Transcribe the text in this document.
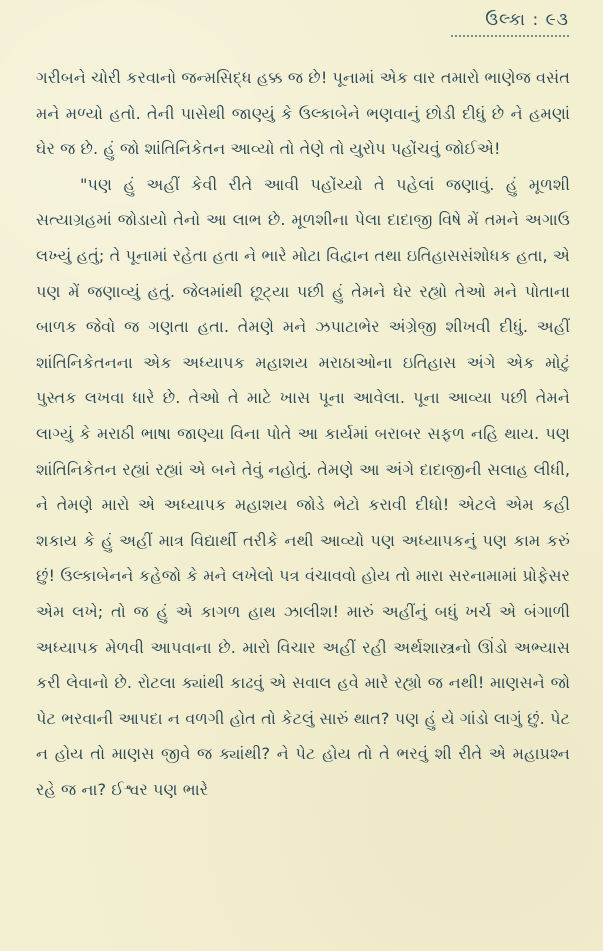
ઉલ્કા : ૯૩

ગરીબને ચોરી કરવાનો જન્મસિદ્ધ હક્ક જ છે! પૂનામાં એક વાર તમારો ભાણેજ વસંત મને મળ્યો હતો. તેની પાસેથી જાણ્યું કે ઉલ્કાબેને ભણવાનું છોડી દીધું છે ને હમણાં ઘેર જ છે. હું જો શાંતિનિકેતન આવ્યો તો તેણે તો યુરોપ પહોંચવું જોઈએ!

"પણ હું અહીં કેવી રીતે આવી પહોંચ્યો તે પહેલાં જણાવું. હું મૂળશી સત્યાગ્રહમાં જોડાયો તેનો આ લાભ છે. મૂળશીના પેલા દાદાજી વિષે મેં તમને અગાઉ લખ્યું હતું; તે પૂનામાં રહેતા હતા ને ભારે મોટા વિદ્વાન તથા ઇતિહાસસંશોધક હતા, એ પણ મેં જણાવ્યું હતું. જેલમાંથી છૂટ્યા પછી હું તેમને ઘેર રહ્યો તેઓ મને પોતાના બાળક જેવો જ ગણતા હતા. તેમણે મને ઝપાટાભેર અંગ્રેજી શીખવી દીધું. અહીં શાંતિનિકેતનના એક અધ્યાપક મહાશય મરાઠાઓના ઇતિહાસ અંગે એક મોટું પુસ્તક લખવા ધારે છે. તેઓ તે માટે ખાસ પૂના આવેલા. પૂના આવ્યા પછી તેમને લાગ્યું કે મરાઠી ભાષા જાણ્યા વિના પોતે આ કાર્યમાં બરાબર સફળ નહિ થાય. પણ શાંતિનિકેતન રહ્યાં રહ્યાં એ બને તેવું નહોતું. તેમણે આ અંગે દાદાજીની સલાહ લીધી, ને તેમણે મારો એ અધ્યાપક મહાશય જોડે ભેટો કરાવી દીધો! એટલે એમ કહી શકાય કે હું અહીં માત્ર વિદ્યાર્થી તરીકે નથી આવ્યો પણ અધ્યાપકનું પણ કામ કરું છું! ઉલ્કાબેનને કહેજો કે મને લખેલો પત્ર વંચાવવો હોય તો મારા સરનામામાં પ્રોફેસર એમ લખે; તો જ હું એ કાગળ હાથ ઝાલીશ! મારું અહીંનું બધું ખર્ચ એ બંગાળી અધ્યાપક મેળવી આપવાના છે. મારો વિચાર અહીં રહી અર્થશાસ્ત્રનો ઊંડો અભ્યાસ કરી લેવાનો છે. રોટલા ક્યાંથી કાઢવું એ સવાલ હવે મારે રહ્યો જ નથી! માણસને જો પેટ ભરવાની આપદા ન વળગી હોત તો કેટલું સારું થાત? પણ હું યે ગાંડો લાગું છું. પેટ ન હોય તો માણસ જીવે જ ક્યાંથી? ને પેટ હોય તો તે ભરવું શી રીતે એ મહાપ્રશ્ન રહે જ ના? ઈશ્વર પણ ભારે
